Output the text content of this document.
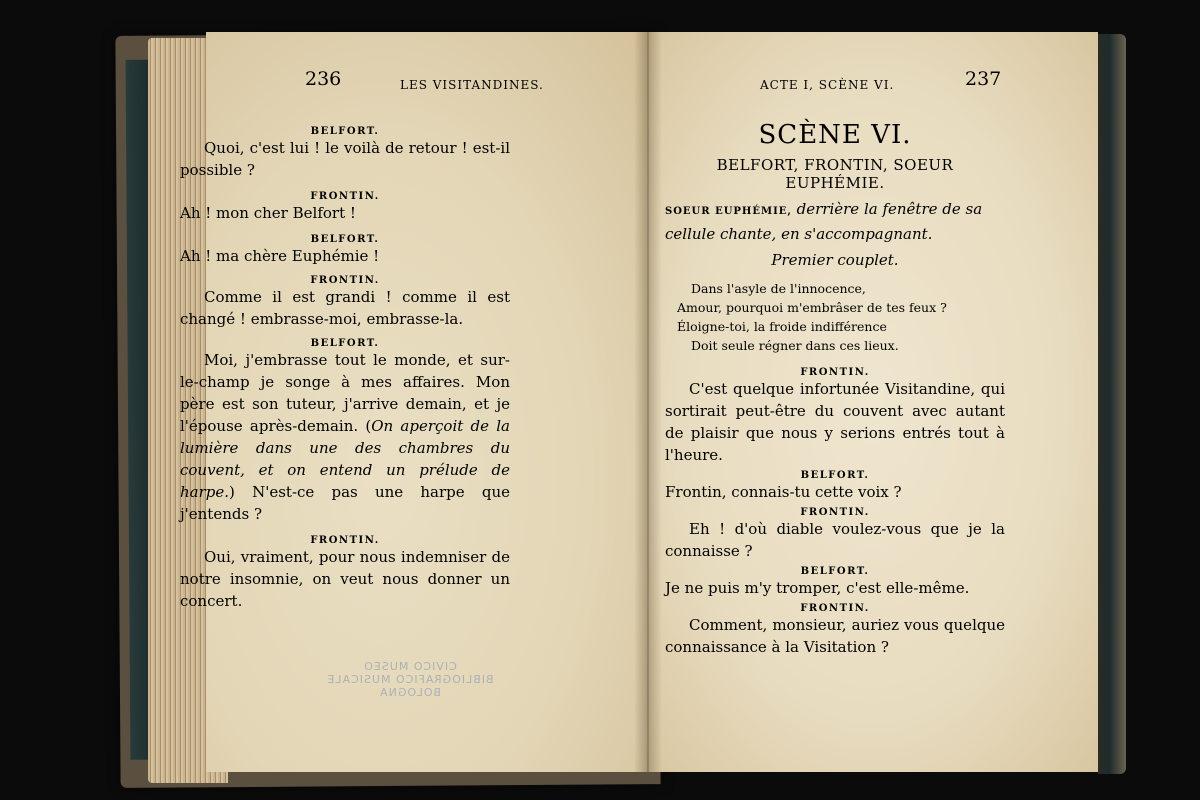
236	LES VISITANDINES.

BELFORT.

Quoi, c'est lui ! le voilà de retour ! est-il possible ?

FRONTIN.

Ah ! mon cher Belfort !

BELFORT.

Ah ! ma chère Euphémie !

FRONTIN.

Comme il est grandi ! comme il est changé ! embrasse-moi, embrasse-la.

BELFORT.

Moi, j'embrasse tout le monde, et sur-le-champ je songe à mes affaires. Mon père est son tuteur, j'arrive demain, et je l'épouse après-demain. (On aperçoit de la lumière dans une des chambres du couvent, et on entend un prélude de harpe.) N'est-ce pas une harpe que j'entends ?

FRONTIN.

Oui, vraiment, pour nous indemniser de notre insomnie, on veut nous donner un concert.

CIVICO MUSEO
BIBLIOGRAFICO MUSICALE
BOLOGNA
ACTE I, SCÈNE VI.	237

SCÈNE VI.

BELFORT, FRONTIN, SOEUR EUPHÉMIE.

SOEUR EUPHÉMIE, derrière la fenêtre de sa cellule chante, en s'accompagnant.

Premier couplet.

Dans l'asyle de l'innocence,

Amour, pourquoi m'embrâser de tes feux ?

Éloigne-toi, la froide indifférence

Doit seule régner dans ces lieux.

FRONTIN.

C'est quelque infortunée Visitandine, qui sortirait peut-être du couvent avec autant de plaisir que nous y serions entrés tout à l'heure.

BELFORT.

Frontin, connais-tu cette voix ?

FRONTIN.

Eh ! d'où diable voulez-vous que je la connaisse ?

BELFORT.

Je ne puis m'y tromper, c'est elle-même.

FRONTIN.

Comment, monsieur, auriez vous quelque connaissance à la Visitation ?
